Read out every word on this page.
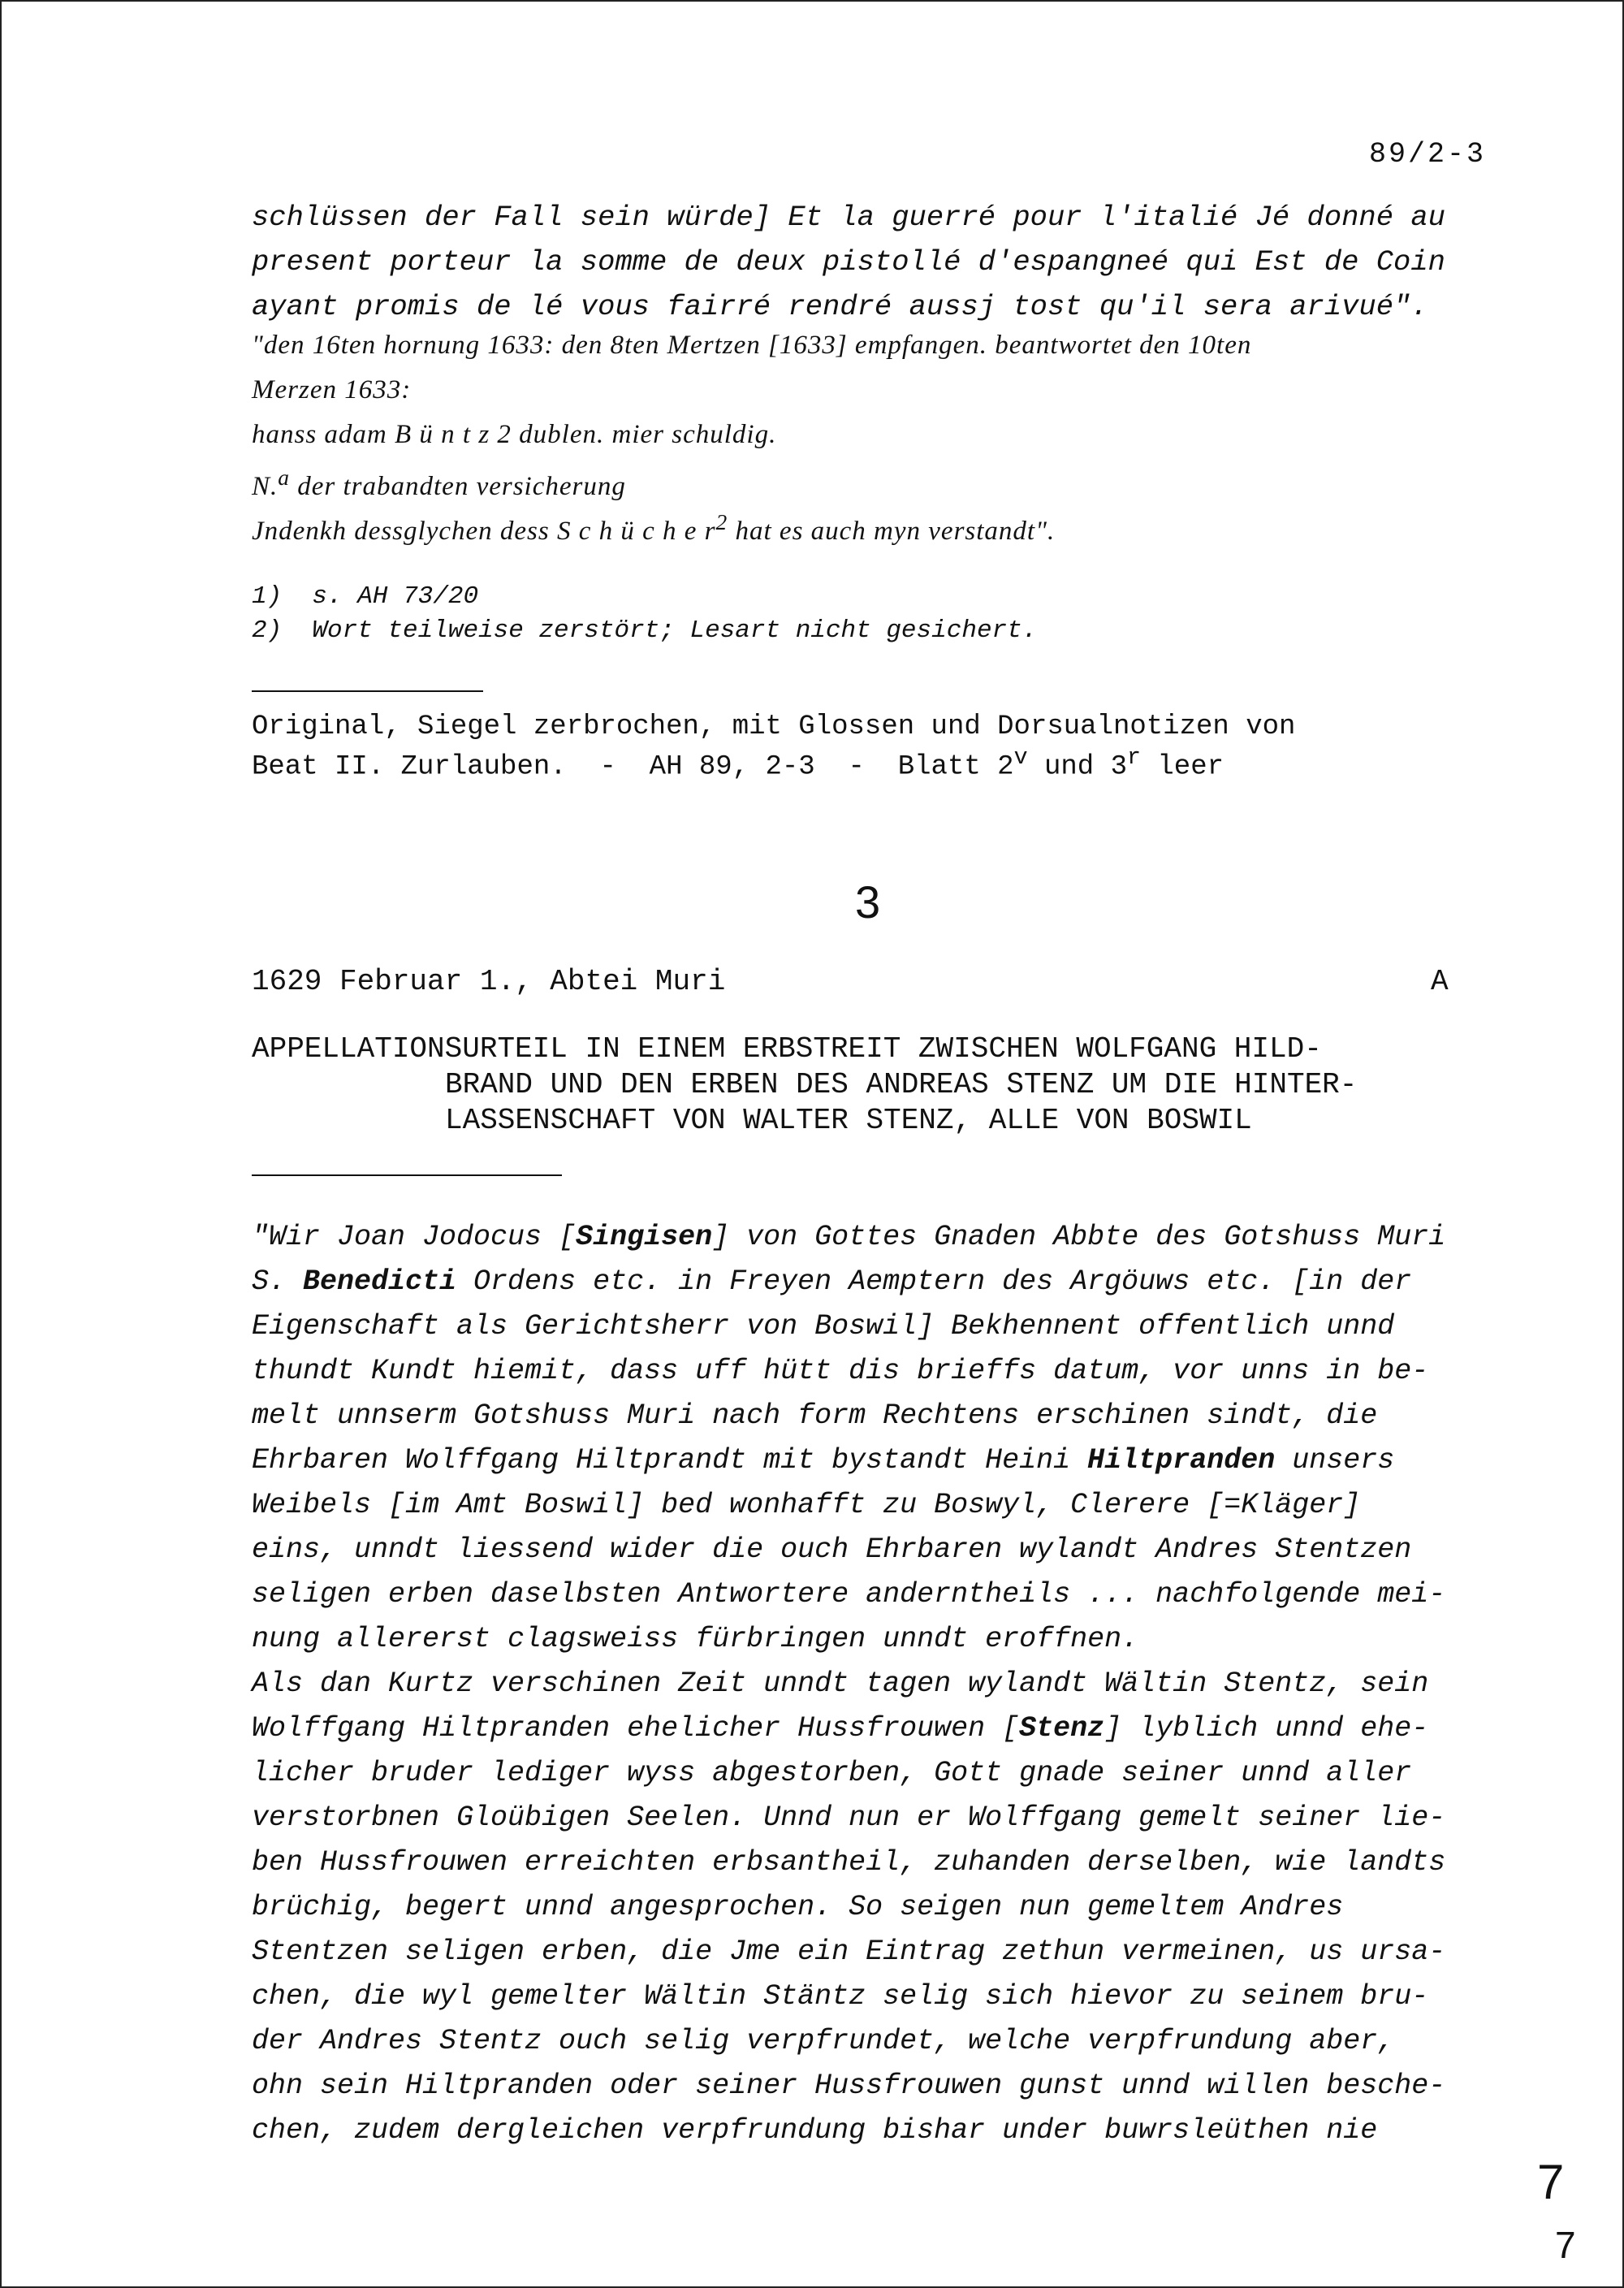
89/2-3
schlüssen der Fall sein würde] Et la guerré pour l'italié Jé donné au
present porteur la somme de deux pistollé d'espangneé qui Est de Coin
ayant promis de lé vous fairré rendré aussj tost qu'il sera arivué".
"den 16ten hornung 1633: den 8ten Mertzen [1633] empfangen. beantwortet den 10ten
Merzen 1633:
hanss adam B ü n t z 2 dublen. mier schuldig.
N.$^a$ der trabandten versicherung
Jndenkh dessglychen dess S c h ü c h e $r^2$ hat es auch myn verstandt".
1)  s. AH 73/20
2)  Wort teilweise zerstört; Lesart nicht gesichert.
Original, Siegel zerbrochen, mit Glossen und Dorsualnotizen von
Beat II. Zurlauben.  -  AH 89, 2-3  -  Blatt 2$^v$ und 3$^r$ leer
3
1629 Februar 1., Abtei Muri	A
APPELLATIONSURTEIL IN EINEM ERBSTREIT ZWISCHEN WOLFGANG HILD-
BRAND UND DEN ERBEN DES ANDREAS STENZ UM DIE HINTER-
LASSENSCHAFT VON WALTER STENZ, ALLE VON BOSWIL
"Wir Joan Jodocus [Singisen] von Gottes Gnaden Abbte des Gotshuss Muri
S. Benedicti Ordens etc. in Freyen Aemptern des Argöuws etc. [in der
Eigenschaft als Gerichtsherr von Boswil] Bekhennent offentlich unnd
thundt Kundt hiemit, dass uff hütt dis brieffs datum, vor unns in be-
melt unnserm Gotshuss Muri nach form Rechtens erschinen sindt, die
Ehrbaren Wolffgang Hiltprandt mit bystandt Heini Hiltpranden unsers
Weibels [im Amt Boswil] bed wonhafft zu Boswyl, Clerere [=Kläger]
eins, unndt liessend wider die ouch Ehrbaren wylandt Andres Stentzen
seligen erben daselbsten Antwortere anderntheils ... nachfolgende mei-
nung allererst clagsweiss fürbringen unndt eroffnen.
Als dan Kurtz verschinen Zeit unndt tagen wylandt Wältin Stentz, sein
Wolffgang Hiltpranden ehelicher Hussfrouwen [Stenz] lyblich unnd ehe-
licher bruder lediger wyss abgestorben, Gott gnade seiner unnd aller
verstorbnen Gloübigen Seelen. Unnd nun er Wolffgang gemelt seiner lie-
ben Hussfrouwen erreichten erbsantheil, zuhanden derselben, wie landts
brüchig, begert unnd angesprochen. So seigen nun gemeltem Andres
Stentzen seligen erben, die Jme ein Eintrag zethun vermeinen, us ursa-
chen, die wyl gemelter Wältin Stäntz selig sich hievor zu seinem bru-
der Andres Stentz ouch selig verpfrundet, welche verpfrundung aber,
ohn sein Hiltpranden oder seiner Hussfrouwen gunst unnd willen besche-
chen, zudem dergleichen verpfrundung bishar under buwrsleüthen nie
7
7
